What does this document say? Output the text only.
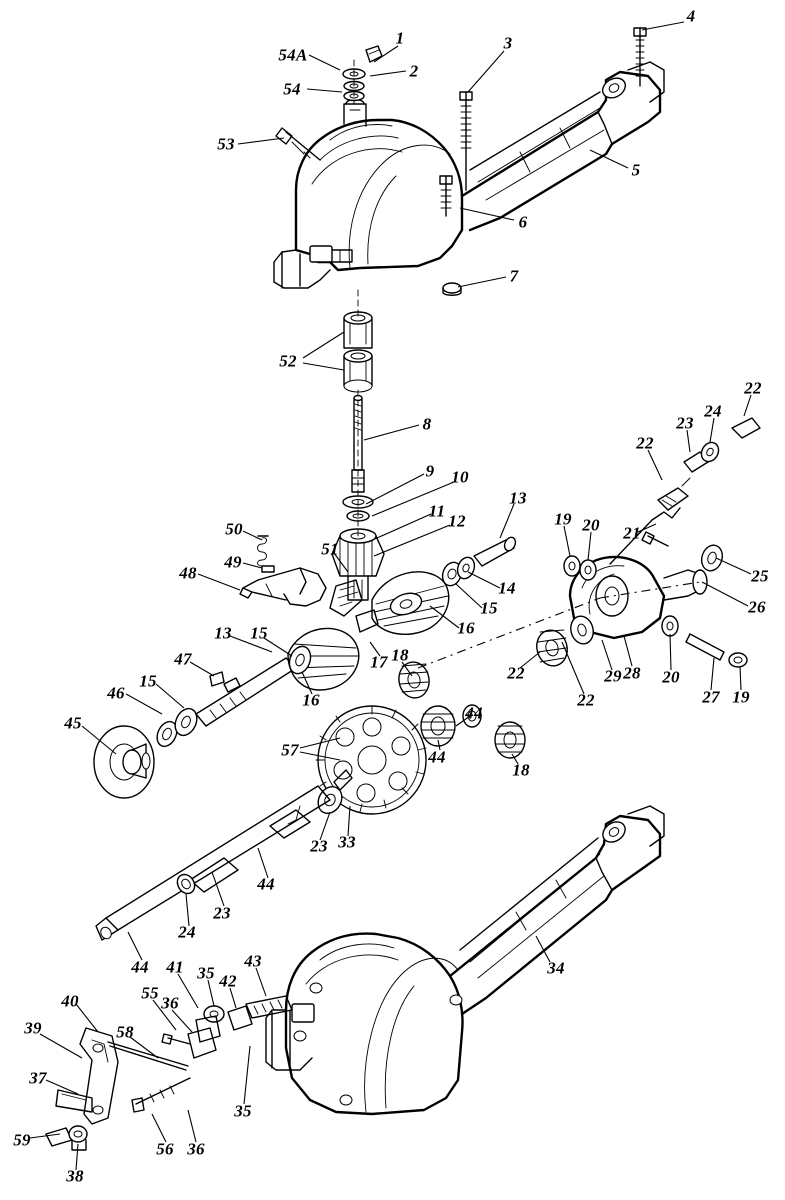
1
54A
2
54
3
4
53
5
6
7
52
8
9 10
11
12
13
50
51
49
48
19 20 21
22
23
24
22
25
26
14
15
16
13 15
17 18
47
46
15
16
45
57
44
44
18
22
22
29 28 20
27 19
33
23
44
23
24
44	34
41 35 42
43
55
36
40
58
39
37
35
59
38
56 36
